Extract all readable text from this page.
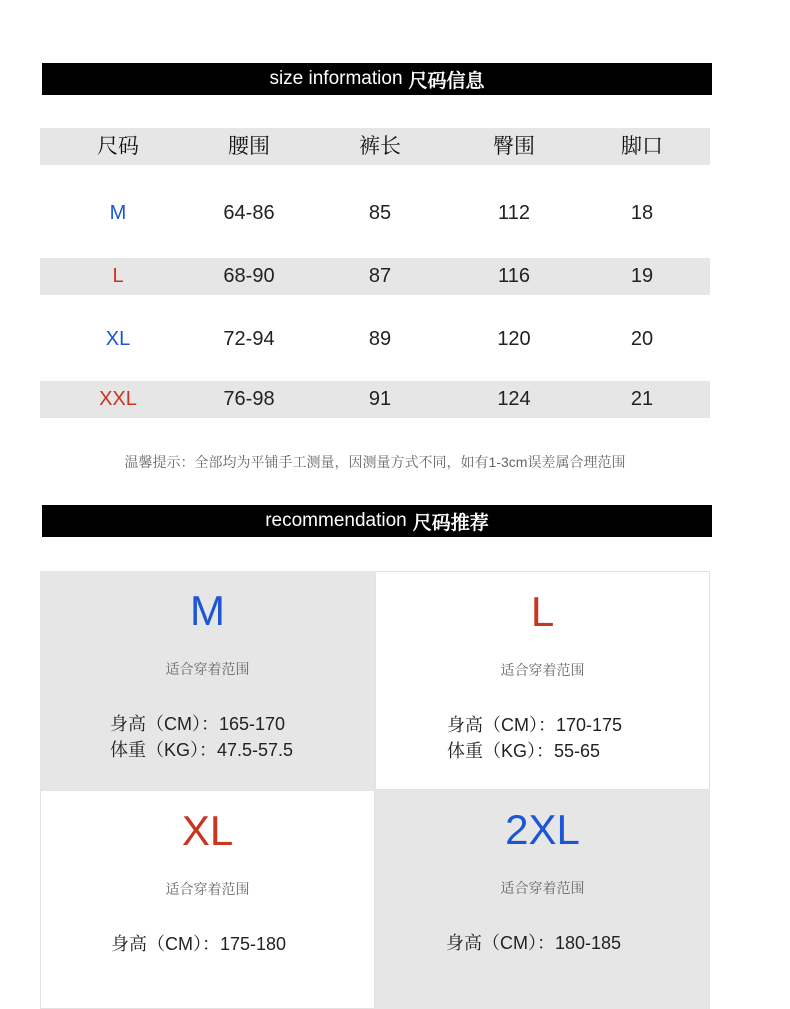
size information 尺码信息
尺码	腰围	裤长	臀围	脚口
M	64-86	85	112	18
L	68-90	87	116	19
XL	72-94	89	120	20
XXL	76-98	91	124	21
温馨提示：全部均为平铺手工测量，因测量方式不同，如有1-3cm误差属合理范围
recommendation 尺码推荐
M
适合穿着范围
身高（CM）：165-170
体重（KG）：47.5-57.5
L
适合穿着范围
身高（CM）：170-175
体重（KG）：55-65
XL
适合穿着范围
身高（CM）：175-180
2XL
适合穿着范围
身高（CM）：180-185
